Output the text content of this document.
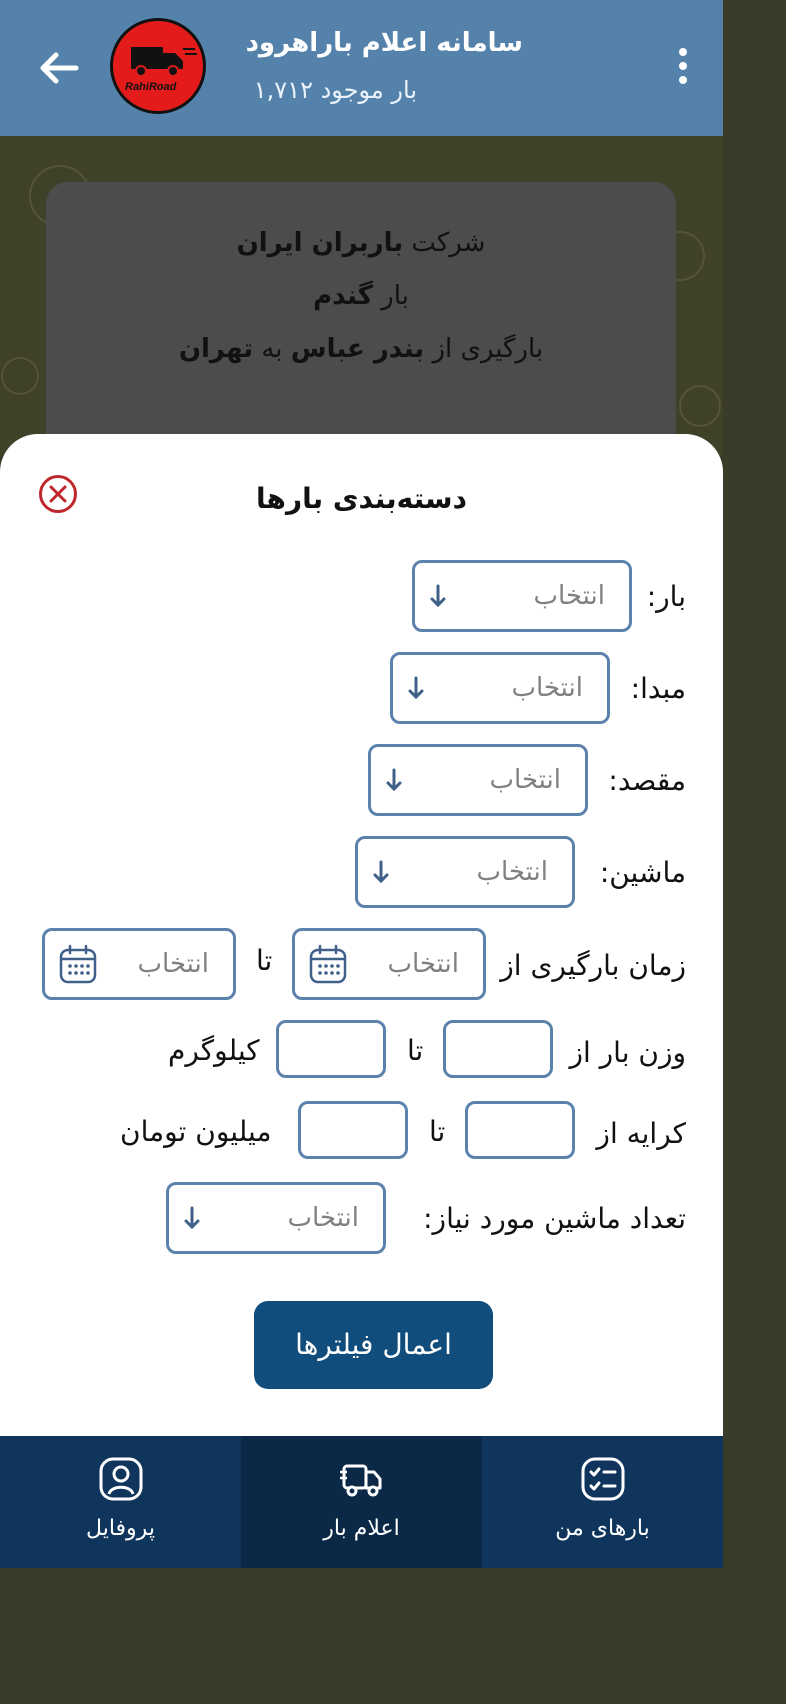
RahiRoad
سامانه اعلام باراهرود
بار موجود ۱,۷۱۲
شرکت باربران ایران
بار گندم
بارگیری از بندر عباس به تهران
دسته‌بندی بارها
بار:
انتخاب
مبدا:
انتخاب
مقصد:
انتخاب
ماشین:
انتخاب
زمان بارگیری از
انتخاب
تا
انتخاب
وزن بار از
تا
کیلوگرم
کرایه از
تا
میلیون تومان
تعداد ماشین مورد نیاز:
انتخاب
اعمال فیلترها
پروفایل	اعلام بار	بارهای من
